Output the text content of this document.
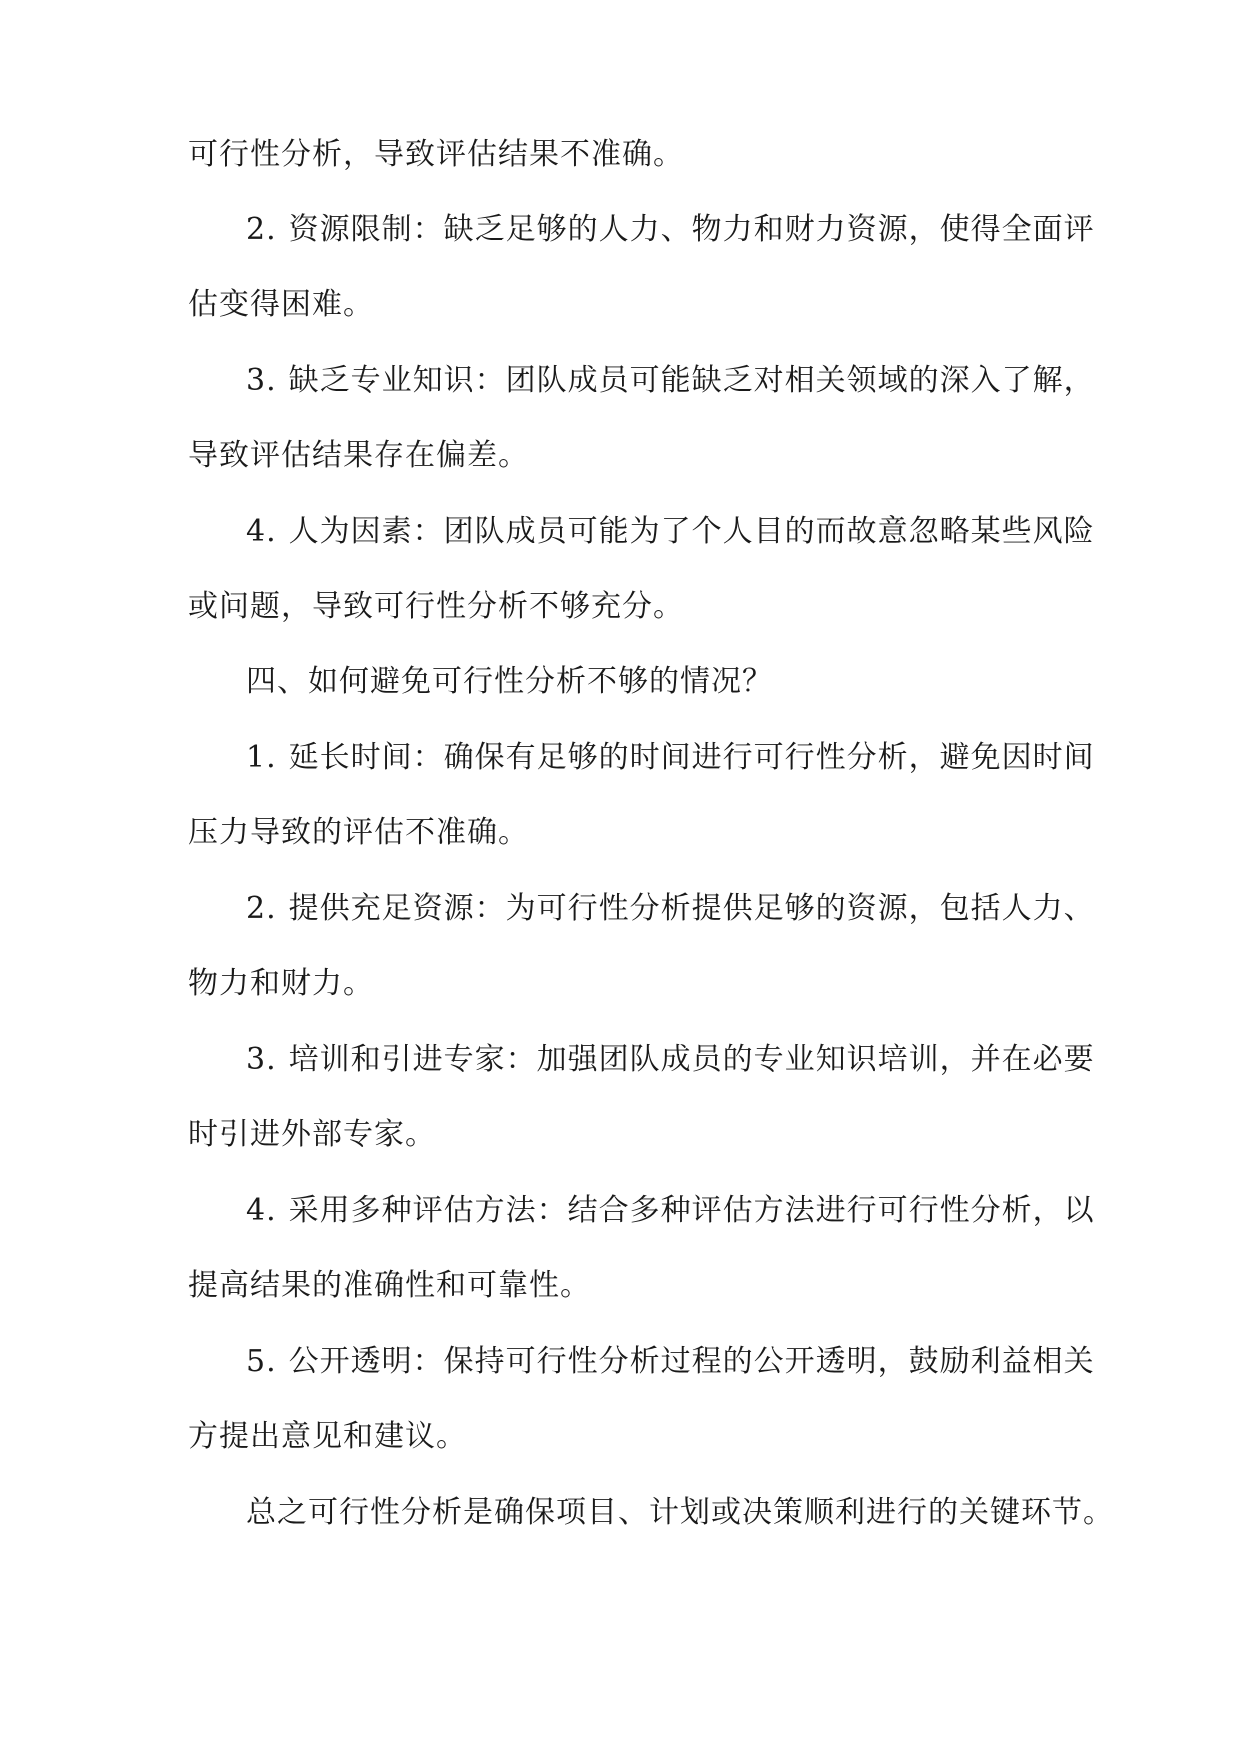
可行性分析，导致评估结果不准确。
2. 资源限制：缺乏足够的人力、物力和财力资源，使得全面评
估变得困难。
3. 缺乏专业知识：团队成员可能缺乏对相关领域的深入了解，
导致评估结果存在偏差。
4. 人为因素：团队成员可能为了个人目的而故意忽略某些风险
或问题，导致可行性分析不够充分。
四、如何避免可行性分析不够的情况？
1. 延长时间：确保有足够的时间进行可行性分析，避免因时间
压力导致的评估不准确。
2. 提供充足资源：为可行性分析提供足够的资源，包括人力、
物力和财力。
3. 培训和引进专家：加强团队成员的专业知识培训，并在必要
时引进外部专家。
4. 采用多种评估方法：结合多种评估方法进行可行性分析，以
提高结果的准确性和可靠性。
5. 公开透明：保持可行性分析过程的公开透明，鼓励利益相关
方提出意见和建议。
总之可行性分析是确保项目、计划或决策顺利进行的关键环节。
